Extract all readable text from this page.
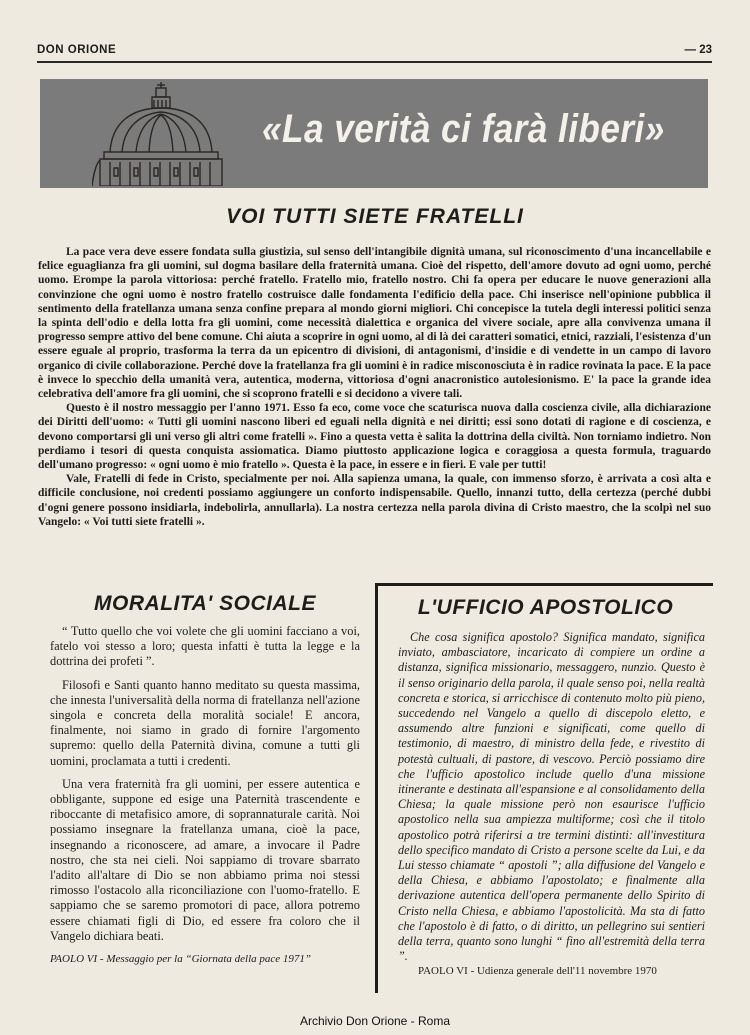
DON ORIONE	— 23
«La verità ci farà liberi»
VOI TUTTI SIETE FRATELLI

La pace vera deve essere fondata sulla giustizia, sul senso dell'intangibile dignità umana, sul riconoscimento d'una incancellabile e felice eguaglianza fra gli uomini, sul dogma basilare della fraternità umana. Cioè del rispetto, dell'amore dovuto ad ogni uomo, perché uomo. Erompe la parola vittoriosa: perché fratello. Fratello mio, fratello nostro. Chi fa opera per educare le nuove generazioni alla convinzione che ogni uomo è nostro fratello costruisce dalle fondamenta l'edificio della pace. Chi inserisce nell'opinione pubblica il sentimento della fratellanza umana senza confine prepara al mondo giorni migliori. Chi concepisce la tutela degli interessi politici senza la spinta dell'odio e della lotta fra gli uomini, come necessità dialettica e organica del vivere sociale, apre alla convivenza umana il progresso sempre attivo del bene comune. Chi aiuta a scoprire in ogni uomo, al di là dei caratteri somatici, etnici, razziali, l'esistenza d'un essere eguale al proprio, trasforma la terra da un epicentro di divisioni, di antagonismi, d'insidie e di vendette in un campo di lavoro organico di civile collaborazione. Perché dove la fratellanza fra gli uomini è in radice misconosciuta è in radice rovinata la pace. E la pace è invece lo specchio della umanità vera, autentica, moderna, vittoriosa d'ogni anacronistico autolesionismo. E' la pace la grande idea celebrativa dell'amore fra gli uomini, che si scoprono fratelli e si decidono a vivere tali.

Questo è il nostro messaggio per l'anno 1971. Esso fa eco, come voce che scaturisca nuova dalla coscienza civile, alla dichiarazione dei Diritti dell'uomo: « Tutti gli uomini nascono liberi ed eguali nella dignità e nei diritti; essi sono dotati di ragione e di coscienza, e devono comportarsi gli uni verso gli altri come fratelli ». Fino a questa vetta è salita la dottrina della civiltà. Non torniamo indietro. Non perdiamo i tesori di questa conquista assiomatica. Diamo piuttosto applicazione logica e coraggiosa a questa formula, traguardo dell'umano progresso: « ogni uomo è mio fratello ». Questa è la pace, in essere e in fieri. E vale per tutti!

Vale, Fratelli di fede in Cristo, specialmente per noi. Alla sapienza umana, la quale, con immenso sforzo, è arrivata a così alta e difficile conclusione, noi credenti possiamo aggiungere un conforto indispensabile. Quello, innanzi tutto, della certezza (perché dubbi d'ogni genere possono insidiarla, indebolirla, annullarla). La nostra certezza nella parola divina di Cristo maestro, che la scolpì nel suo Vangelo: « Voi tutti siete fratelli ».

MORALITA' SOCIALE

“ Tutto quello che voi volete che gli uomini facciano a voi, fatelo voi stesso a loro; questa infatti è tutta la legge e la dottrina dei profeti ”.

Filosofi e Santi quanto hanno meditato su questa massima, che innesta l'universalità della norma di fratellanza nell'azione singola e concreta della moralità sociale! E ancora, finalmente, noi siamo in grado di fornire l'argomento supremo: quello della Paternità divina, comune a tutti gli uomini, proclamata a tutti i credenti.

Una vera fraternità fra gli uomini, per essere autentica e obbligante, suppone ed esige una Paternità trascendente e riboccante di metafisico amore, di soprannaturale carità. Noi possiamo insegnare la fratellanza umana, cioè la pace, insegnando a riconoscere, ad amare, a invocare il Padre nostro, che sta nei cieli. Noi sappiamo di trovare sbarrato l'adito all'altare di Dio se non abbiamo prima noi stessi rimosso l'ostacolo alla riconciliazione con l'uomo-fratello. E sappiamo che se saremo promotori di pace, allora potremo essere chiamati figli di Dio, ed essere fra coloro che il Vangelo dichiara beati.

PAOLO VI - Messaggio per la “Giornata della pace 1971”

L'UFFICIO APOSTOLICO

Che cosa significa apostolo? Significa mandato, significa inviato, ambasciatore, incaricato di compiere un ordine a distanza, significa missionario, messaggero, nunzio. Questo è il senso originario della parola, il quale senso poi, nella realtà concreta e storica, si arricchisce di contenuto molto più pieno, succedendo nel Vangelo a quello di discepolo eletto, e assumendo altre funzioni e significati, come quello di testimonio, di maestro, di ministro della fede, e rivestito di potestà cultuali, di pastore, di vescovo. Perciò possiamo dire che l'ufficio apostolico include quello d'una missione itinerante e destinata all'espansione e al consolidamento della Chiesa; la quale missione però non esaurisce l'ufficio apostolico nella sua ampiezza multiforme; così che il titolo apostolico potrà riferirsi a tre termini distinti: all'investitura dello specifico mandato di Cristo a persone scelte da Lui, e da Lui stesso chiamate “ apostoli ”; alla diffusione del Vangelo e della Chiesa, e abbiamo l'apostolato; e finalmente alla derivazione autentica dell'opera permanente dello Spirito di Cristo nella Chiesa, e abbiamo l'apostolicità. Ma sta di fatto che l'apostolo è di fatto, o di diritto, un pellegrino sui sentieri della terra, quanto sono lunghi “ fino all'estremità della terra ”.

PAOLO VI - Udienza generale dell'11 novembre 1970

Archivio Don Orione - Roma
